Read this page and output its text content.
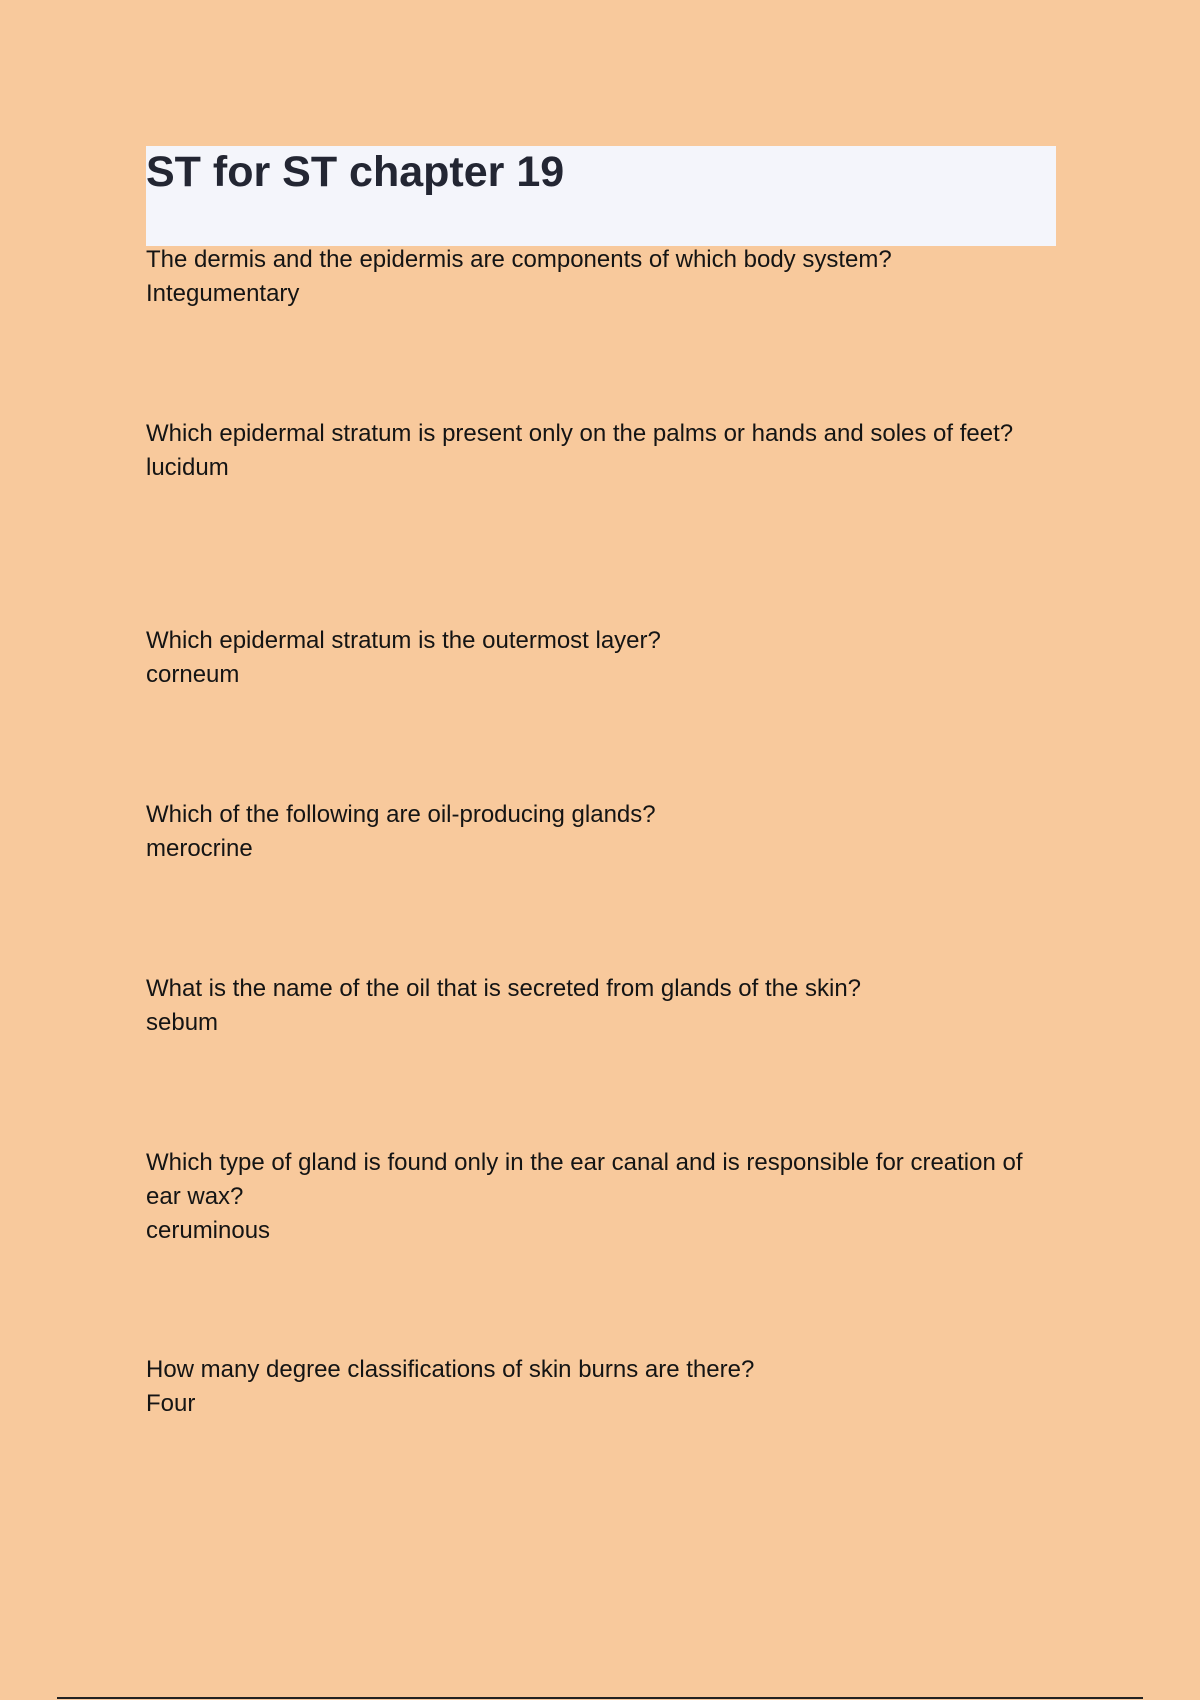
ST for ST chapter 19
The dermis and the epidermis are components of which body system?
Integumentary
Which epidermal stratum is present only on the palms or hands and soles of feet?
lucidum
Which epidermal stratum is the outermost layer?
corneum
Which of the following are oil-producing glands?
merocrine
What is the name of the oil that is secreted from glands of the skin?
sebum
Which type of gland is found only in the ear canal and is responsible for creation of ear wax?
ceruminous
How many degree classifications of skin burns are there?
Four
